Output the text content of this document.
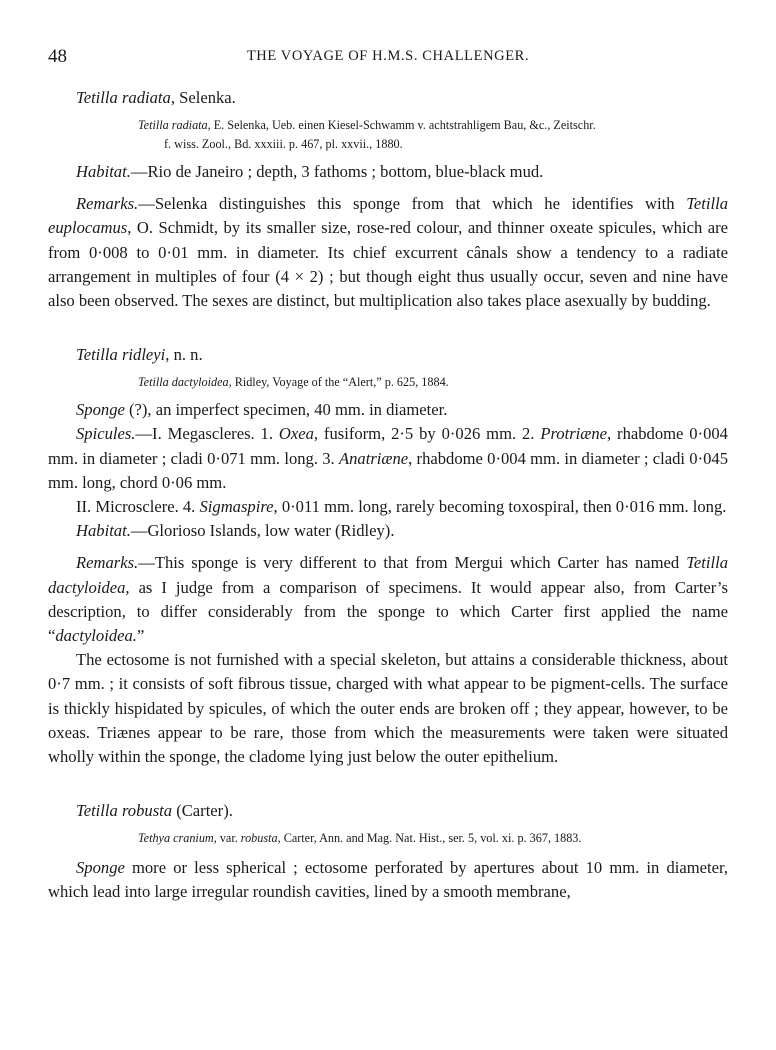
48	THE VOYAGE OF H.M.S. CHALLENGER.

Tetilla radiata, Selenka.

Tetilla radiata, E. Selenka, Ueb. einen Kiesel-Schwamm v. achtstrahligem Bau, &c., Zeitschr.
f. wiss. Zool., Bd. xxxiii. p. 467, pl. xxvii., 1880.

Habitat.—Rio de Janeiro ; depth, 3 fathoms ; bottom, blue-black mud.

Remarks.—Selenka distinguishes this sponge from that which he identifies with Tetilla euplocamus, O. Schmidt, by its smaller size, rose-red colour, and thinner oxeate spicules, which are from 0·008 to 0·01 mm. in diameter. Its chief excurrent cânals show a tendency to a radiate arrangement in multiples of four (4 × 2) ; but though eight thus usually occur, seven and nine have also been observed. The sexes are distinct, but multiplication also takes place asexually by budding.

Tetilla ridleyi, n. n.

Tetilla dactyloidea, Ridley, Voyage of the “Alert,” p. 625, 1884.

Sponge (?), an imperfect specimen, 40 mm. in diameter.

Spicules.—I. Megascleres. 1. Oxea, fusiform, 2·5 by 0·026 mm. 2. Protriæne, rhabdome 0·004 mm. in diameter ; cladi 0·071 mm. long. 3. Anatriæne, rhabdome 0·004 mm. in diameter ; cladi 0·045 mm. long, chord 0·06 mm.

II. Microsclere. 4. Sigmaspire, 0·011 mm. long, rarely becoming toxospiral, then 0·016 mm. long.

Habitat.—Glorioso Islands, low water (Ridley).

Remarks.—This sponge is very different to that from Mergui which Carter has named Tetilla dactyloidea, as I judge from a comparison of specimens. It would appear also, from Carter’s description, to differ considerably from the sponge to which Carter first applied the name “dactyloidea.”

The ectosome is not furnished with a special skeleton, but attains a considerable thickness, about 0·7 mm. ; it consists of soft fibrous tissue, charged with what appear to be pigment-cells. The surface is thickly hispidated by spicules, of which the outer ends are broken off ; they appear, however, to be oxeas. Triænes appear to be rare, those from which the measurements were taken were situated wholly within the sponge, the cladome lying just below the outer epithelium.

Tetilla robusta (Carter).

Tethya cranium, var. robusta, Carter, Ann. and Mag. Nat. Hist., ser. 5, vol. xi. p. 367, 1883.

Sponge more or less spherical ; ectosome perforated by apertures about 10 mm. in diameter, which lead into large irregular roundish cavities, lined by a smooth membrane,
